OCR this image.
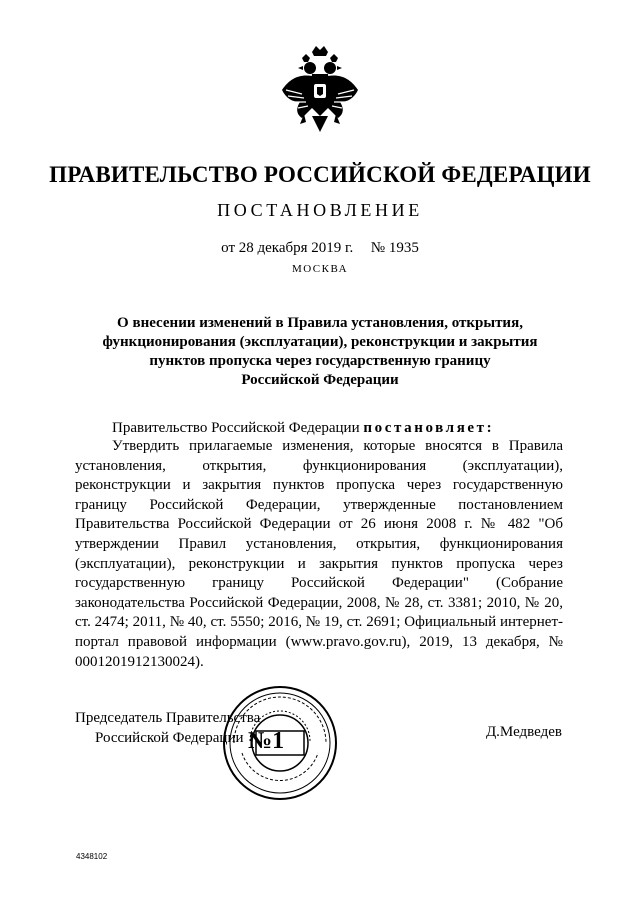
ПРАВИТЕЛЬСТВО РОССИЙСКОЙ ФЕДЕРАЦИИ
ПОСТАНОВЛЕНИЕ
от 28 декабря 2019 г. № 1935
МОСКВА
О внесении изменений в Правила установления, открытия,
функционирования (эксплуатации), реконструкции и закрытия
пунктов пропуска через государственную границу
Российской Федерации
Правительство Российской Федерации постановляет:
Утвердить прилагаемые изменения, которые вносятся в Правила установления, открытия, функционирования (эксплуатации), реконструкции и закрытия пунктов пропуска через государственную границу Российской Федерации, утвержденные постановлением Правительства Российской Федерации от 26 июня 2008 г. № 482 "Об утверждении Правил установления, открытия, функционирования (эксплуатации), реконструкции и закрытия пунктов пропуска через государственную границу Российской Федерации" (Собрание законодательства Российской Федерации, 2008, № 28, ст. 3381; 2010, № 20, ст. 2474; 2011, № 40, ст. 5550; 2016, № 19, ст. 2691; Официальный интернет-портал правовой информации (www.pravo.gov.ru), 2019, 13 декабря, № 0001201912130024).
Председатель Правительства
Российской Федерации №1	Д.Медведев
4348102
